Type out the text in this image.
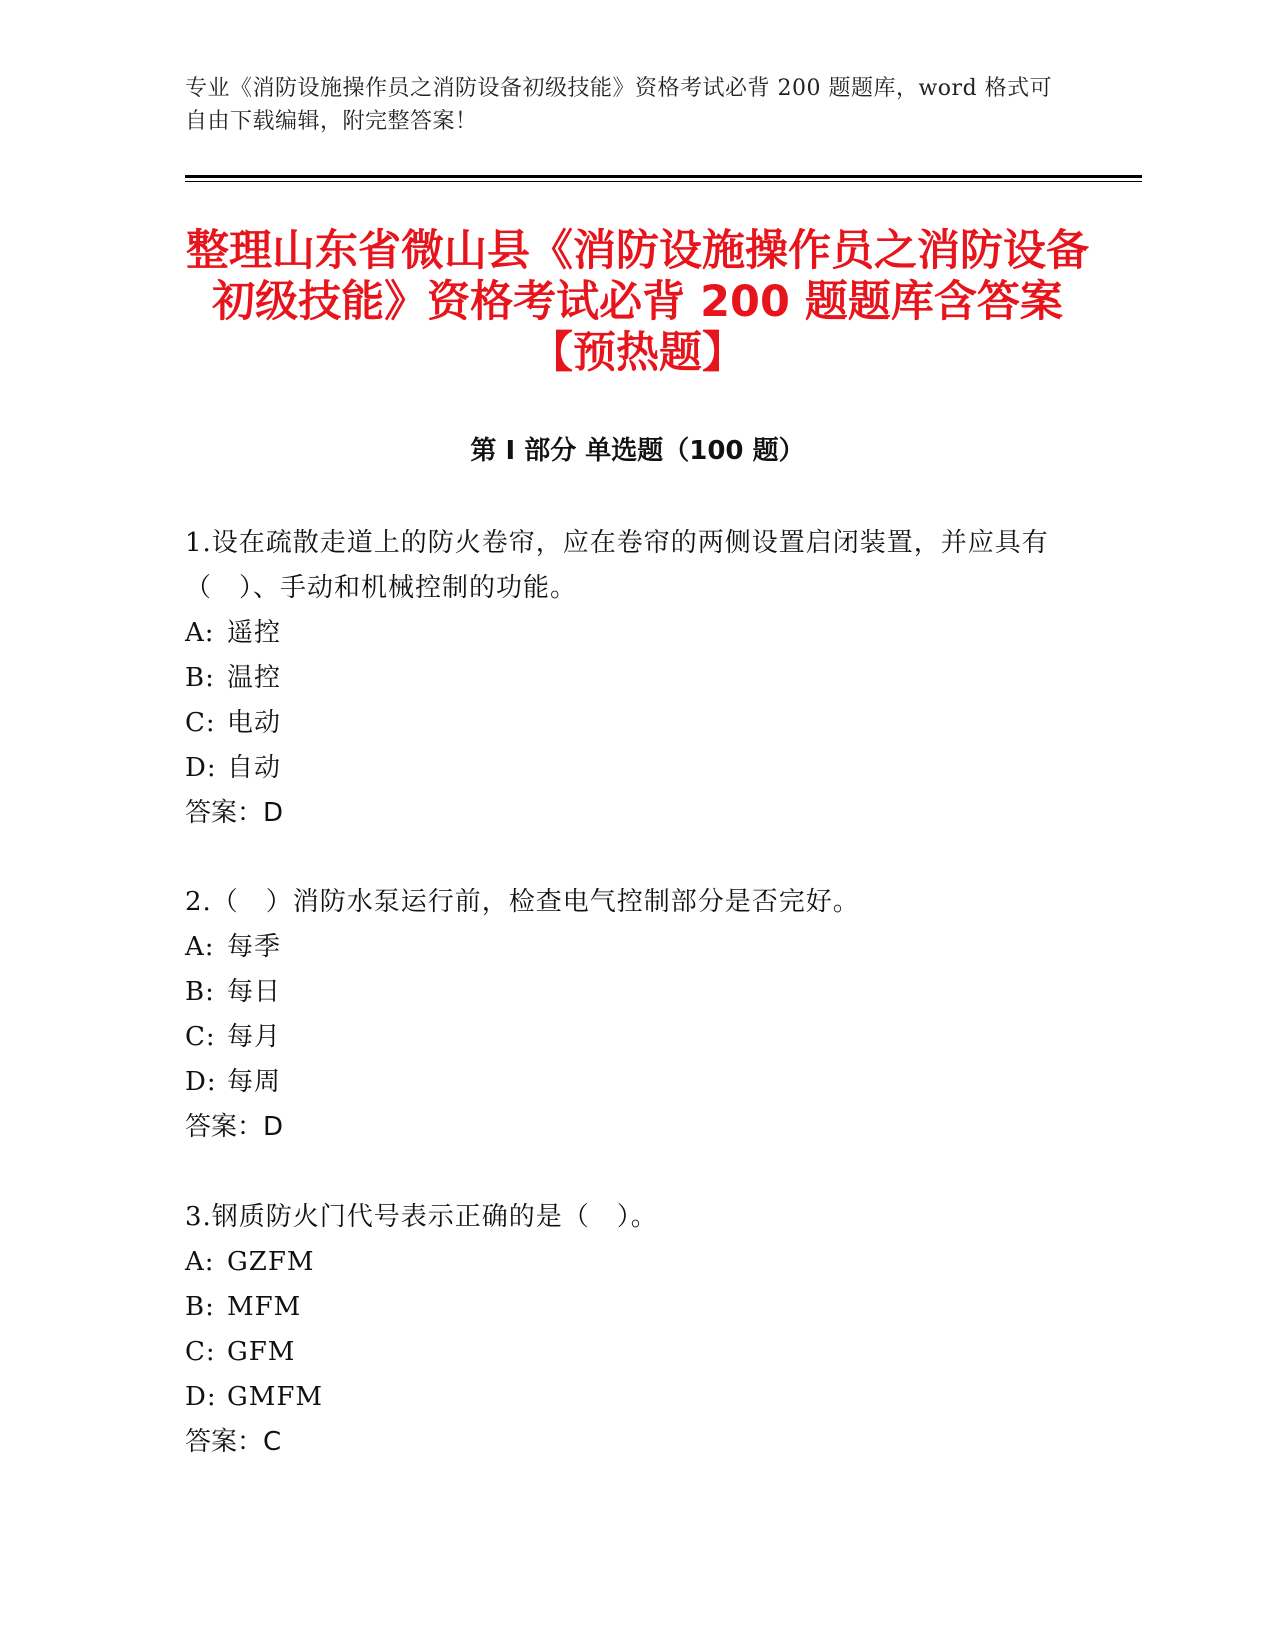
专业《消防设施操作员之消防设备初级技能》资格考试必背 200 题题库，word 格式可自由下载编辑，附完整答案！
整理山东省微山县《消防设施操作员之消防设备初级技能》资格考试必背 200 题题库含答案【预热题】
第 I 部分 单选题（100 题）

1.设在疏散走道上的防火卷帘，应在卷帘的两侧设置启闭装置，并应具有（　）、手动和机械控制的功能。

A: 遥控

B: 温控

C: 电动

D: 自动

答案：D

2.（　）消防水泵运行前，检查电气控制部分是否完好。

A: 每季

B: 每日

C: 每月

D: 每周

答案：D

3.钢质防火门代号表示正确的是（　）。

A: GZFM

B: MFM

C: GFM

D: GMFM

答案：C
